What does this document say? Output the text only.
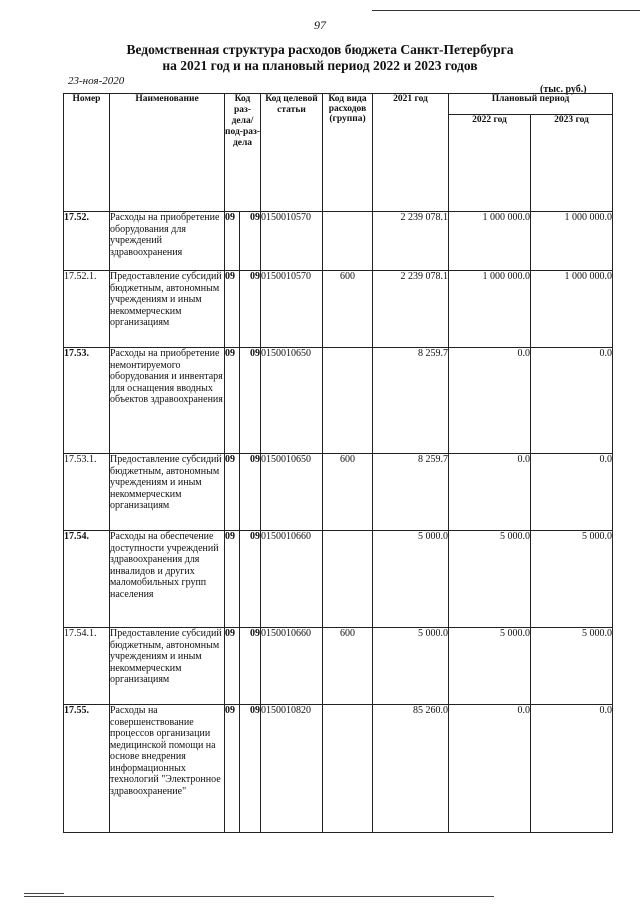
97
Ведомственная структура расходов бюджета Санкт-Петербурга
на 2021 год и на плановый период 2022 и 2023 годов
23-ноя-2020
(тыс. руб.)
Номер	Наименование	Код раз-дела/ под-раз-дела		Код целевой статьи	Код вида расходов (группа)	2021 год	Плановый период	
							2022 год	2023 год
17.52.	Расходы на приобретение оборудования для учреждений здравоохранения	09	09	0150010570		2 239 078.1	1 000 000.0	1 000 000.0
17.52.1.	Предоставление субсидий бюджетным, автономным учреждениям и иным некоммерческим организациям	09	09	0150010570	600	2 239 078.1	1 000 000.0	1 000 000.0
17.53.	Расходы на приобретение немонтируемого оборудования и инвентаря для оснащения вводных объектов здравоохранения	09	09	0150010650		8 259.7	0.0	0.0
17.53.1.	Предоставление субсидий бюджетным, автономным учреждениям и иным некоммерческим организациям	09	09	0150010650	600	8 259.7	0.0	0.0
17.54.	Расходы на обеспечение доступности учреждений здравоохранения для инвалидов и других маломобильных групп населения	09	09	0150010660		5 000.0	5 000.0	5 000.0
17.54.1.	Предоставление субсидий бюджетным, автономным учреждениям и иным некоммерческим организациям	09	09	0150010660	600	5 000.0	5 000.0	5 000.0
17.55.	Расходы на совершенствование процессов организации медицинской помощи на основе внедрения информационных технологий "Электронное здравоохранение"	09	09	0150010820		85 260.0	0.0	0.0
